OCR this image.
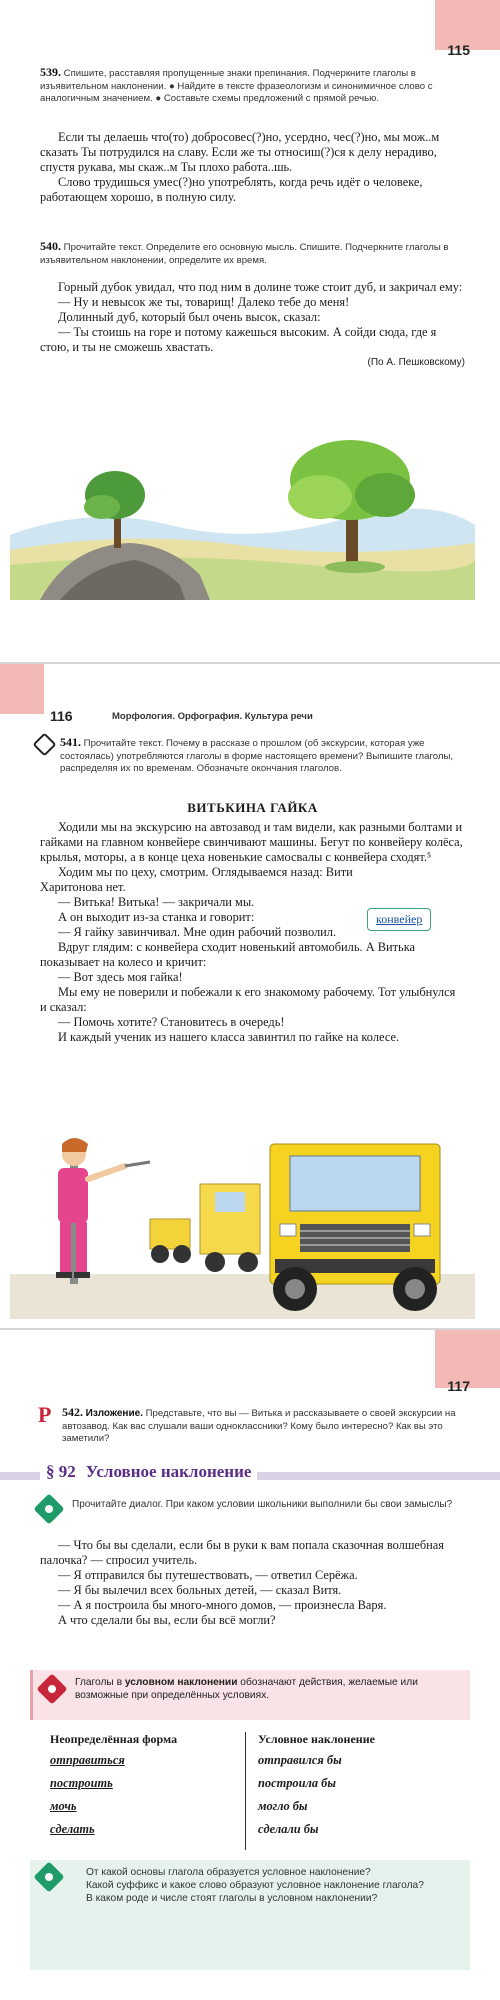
115
539. Спишите, расставляя пропущенные знаки препинания. Подчеркните глаголы в изъявительном наклонении. ● Найдите в тексте фразеологизм и синонимичное слово с аналогичным значением. ● Составьте схемы предложений с прямой речью.

Если ты делаешь что(то) добросовес(?)но, усердно, чес(?)но, мы мож..м сказать Ты потрудился на славу. Если же ты относиш(?)ся к делу нерадиво, спустя рукава, мы скаж..м Ты плохо работа..шь.

Слово трудишься умес(?)но употреблять, когда речь идёт о человеке, работающем хорошо, в полную силу.

540. Прочитайте текст. Определите его основную мысль. Спишите. Подчеркните глаголы в изъявительном наклонении, определите их время.

Горный дубок увидал, что под ним в долине тоже стоит дуб, и закричал ему:

— Ну и невысок же ты, товарищ! Далеко тебе до меня!

Долинный дуб, который был очень высок, сказал:

— Ты стоишь на горе и потому кажешься высоким. А сойди сюда, где я стою, и ты не сможешь хвастать.

(По А. Пешковскому)

116	Морфология. Орфография. Культура речи
541. Прочитайте текст. Почему в рассказе о прошлом (об экскурсии, которая уже состоялась) употребляются глаголы в форме настоящего времени? Выпишите глаголы, распределяя их по временам. Обозначьте окончания глаголов.
ВИТЬКИНА ГАЙКА

Ходили мы на экскурсию на автозавод и там видели, как разными болтами и гайками на главном конвейере свинчивают машины. Бегут по конвейеру колёса, крылья, моторы, а в конце цеха новенькие самосвалы с конвейера сходят.⁵

Ходим мы по цеху, смотрим. Оглядываемся назад: Вити Харитонова нет.

— Витька! Витька! — закричали мы.

А он выходит из-за станка и говорит:

— Я гайку завинчивал. Мне один рабочий позволил.

Вдруг глядим: с конвейера сходит новенький автомобиль. А Витька показывает на колесо и кричит:

— Вот здесь моя гайка!

Мы ему не поверили и побежали к его знакомому рабочему. Тот улыбнулся и сказал:

— Помочь хотите? Становитесь в очередь!

И каждый ученик из нашего класса завинтил по гайке на колесе.

конвейер
117
Р 542. Изложение. Представьте, что вы — Витька и рассказываете о своей экскурсии на автозавод. Как вас слушали ваши одноклассники? Кому было интересно? Как вы это заметили?
§ 92 Условное наклонение
Прочитайте диалог. При каком условии школьники выполнили бы свои замыслы?

— Что бы вы сделали, если бы в руки к вам попала сказочная волшебная палочка? — спросил учитель.

— Я отправился бы путешествовать, — ответил Серёжа.

— Я бы вылечил всех больных детей, — сказал Витя.

— А я построила бы много-много домов, — произнесла Варя.

А что сделали бы вы, если бы всё могли?

Глаголы в условном наклонении обозначают действия, желаемые или возможные при определённых условиях.
Неопределённая форма
отправиться
построить
мочь
сделать
Условное наклонение
отправился бы
построила бы
могло бы
сделали бы

От какой основы глагола образуется условное наклонение?

Какой суффикс и какое слово образуют условное наклонение глагола?

В каком роде и числе стоят глаголы в условном наклонении?
